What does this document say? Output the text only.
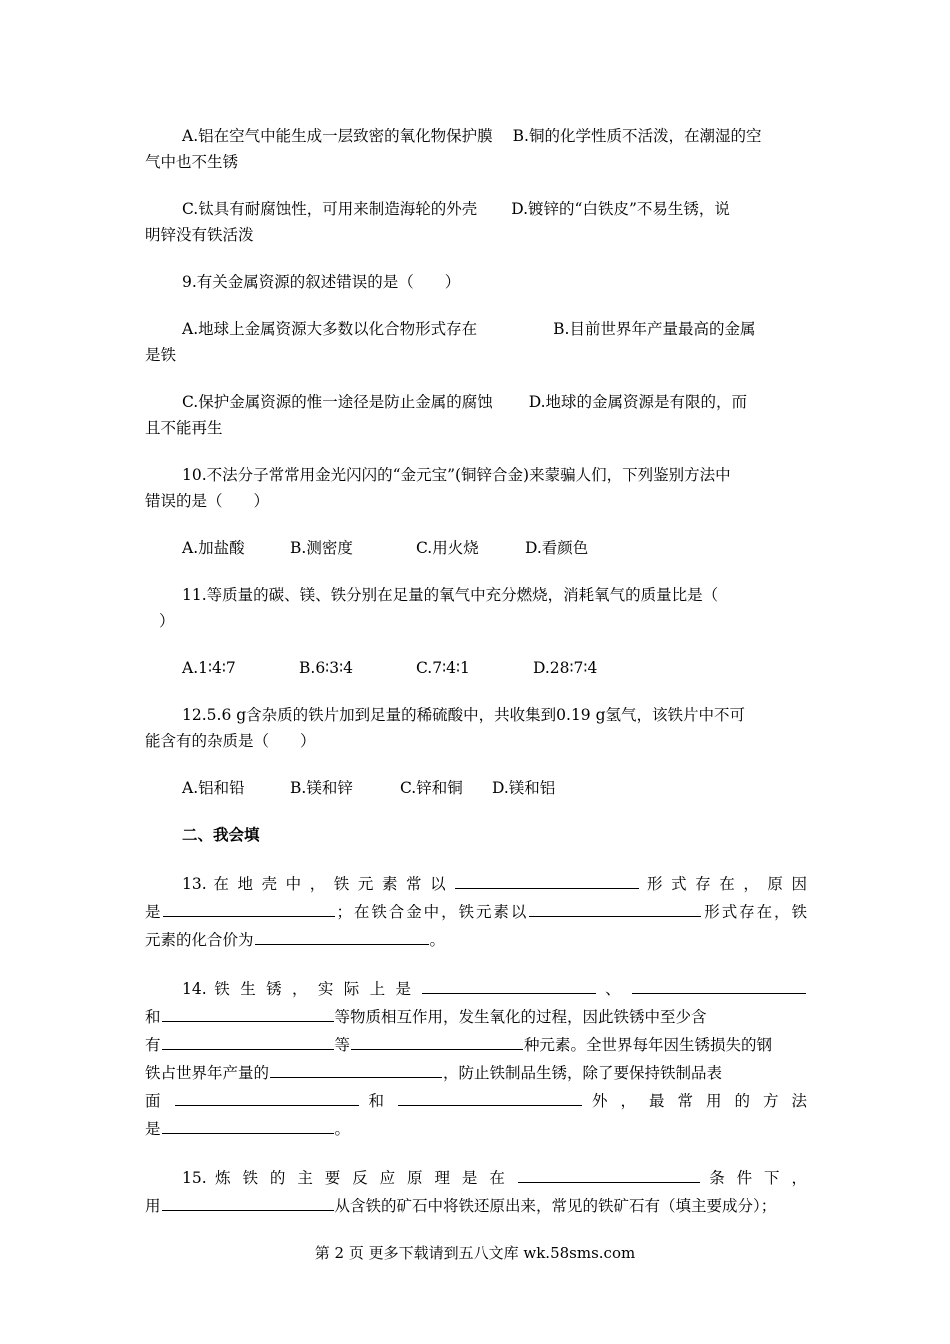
A.铝在空气中能生成一层致密的氧化物保护膜 B.铜的化学性质不活泼，在潮湿的空

气中也不生锈

C.钛具有耐腐蚀性，可用来制造海轮的外壳 D.镀锌的“白铁皮”不易生锈，说

明锌没有铁活泼

9.有关金属资源的叙述错误的是（　　）

A.地球上金属资源大多数以化合物形式存在	B.目前世界年产量最高的金属

是铁

C.保护金属资源的惟一途径是防止金属的腐蚀 D.地球的金属资源是有限的，而

且不能再生

10.不法分子常常用金光闪闪的“金元宝”(铜锌合金)来蒙骗人们，下列鉴别方法中

错误的是（　　）

A.加盐酸	B.测密度	C.用火烧	D.看颜色

11.等质量的碳、镁、铁分别在足量的氧气中充分燃烧，消耗氧气的质量比是（

）

A.1∶4∶7	B.6∶3∶4	C.7∶4∶1	D.28∶7∶4

12.5.6 g含杂质的铁片加到足量的稀硫酸中，共收集到0.19 g氢气，该铁片中不可

能含有的杂质是（　　）

A.铝和铅	B.镁和锌	C.锌和铜	D.镁和铝

二、我会填

13. 在 地 壳 中 ， 铁 元 素 常 以	形 式 存 在 ， 原 因

是	；在铁合金中，铁元素以	形式存在，铁

元素的化合价为	。

14. 铁 生 锈 ， 实 际 上 是	、

和	等物质相互作用，发生氧化的过程，因此铁锈中至少含

有	等	种元素。全世界每年因生锈损失的钢

铁占世界年产量的	，防止铁制品生锈，除了要保持铁制品表

面	和	外 ， 最 常 用 的 方 法

是	。

15. 炼 铁 的 主 要 反 应 原 理 是 在	条 件 下 ，

用	从含铁的矿石中将铁还原出来，常见的铁矿石有（填主要成分）；

第 2 页 更多下载请到五八文库 wk.58sms.com
